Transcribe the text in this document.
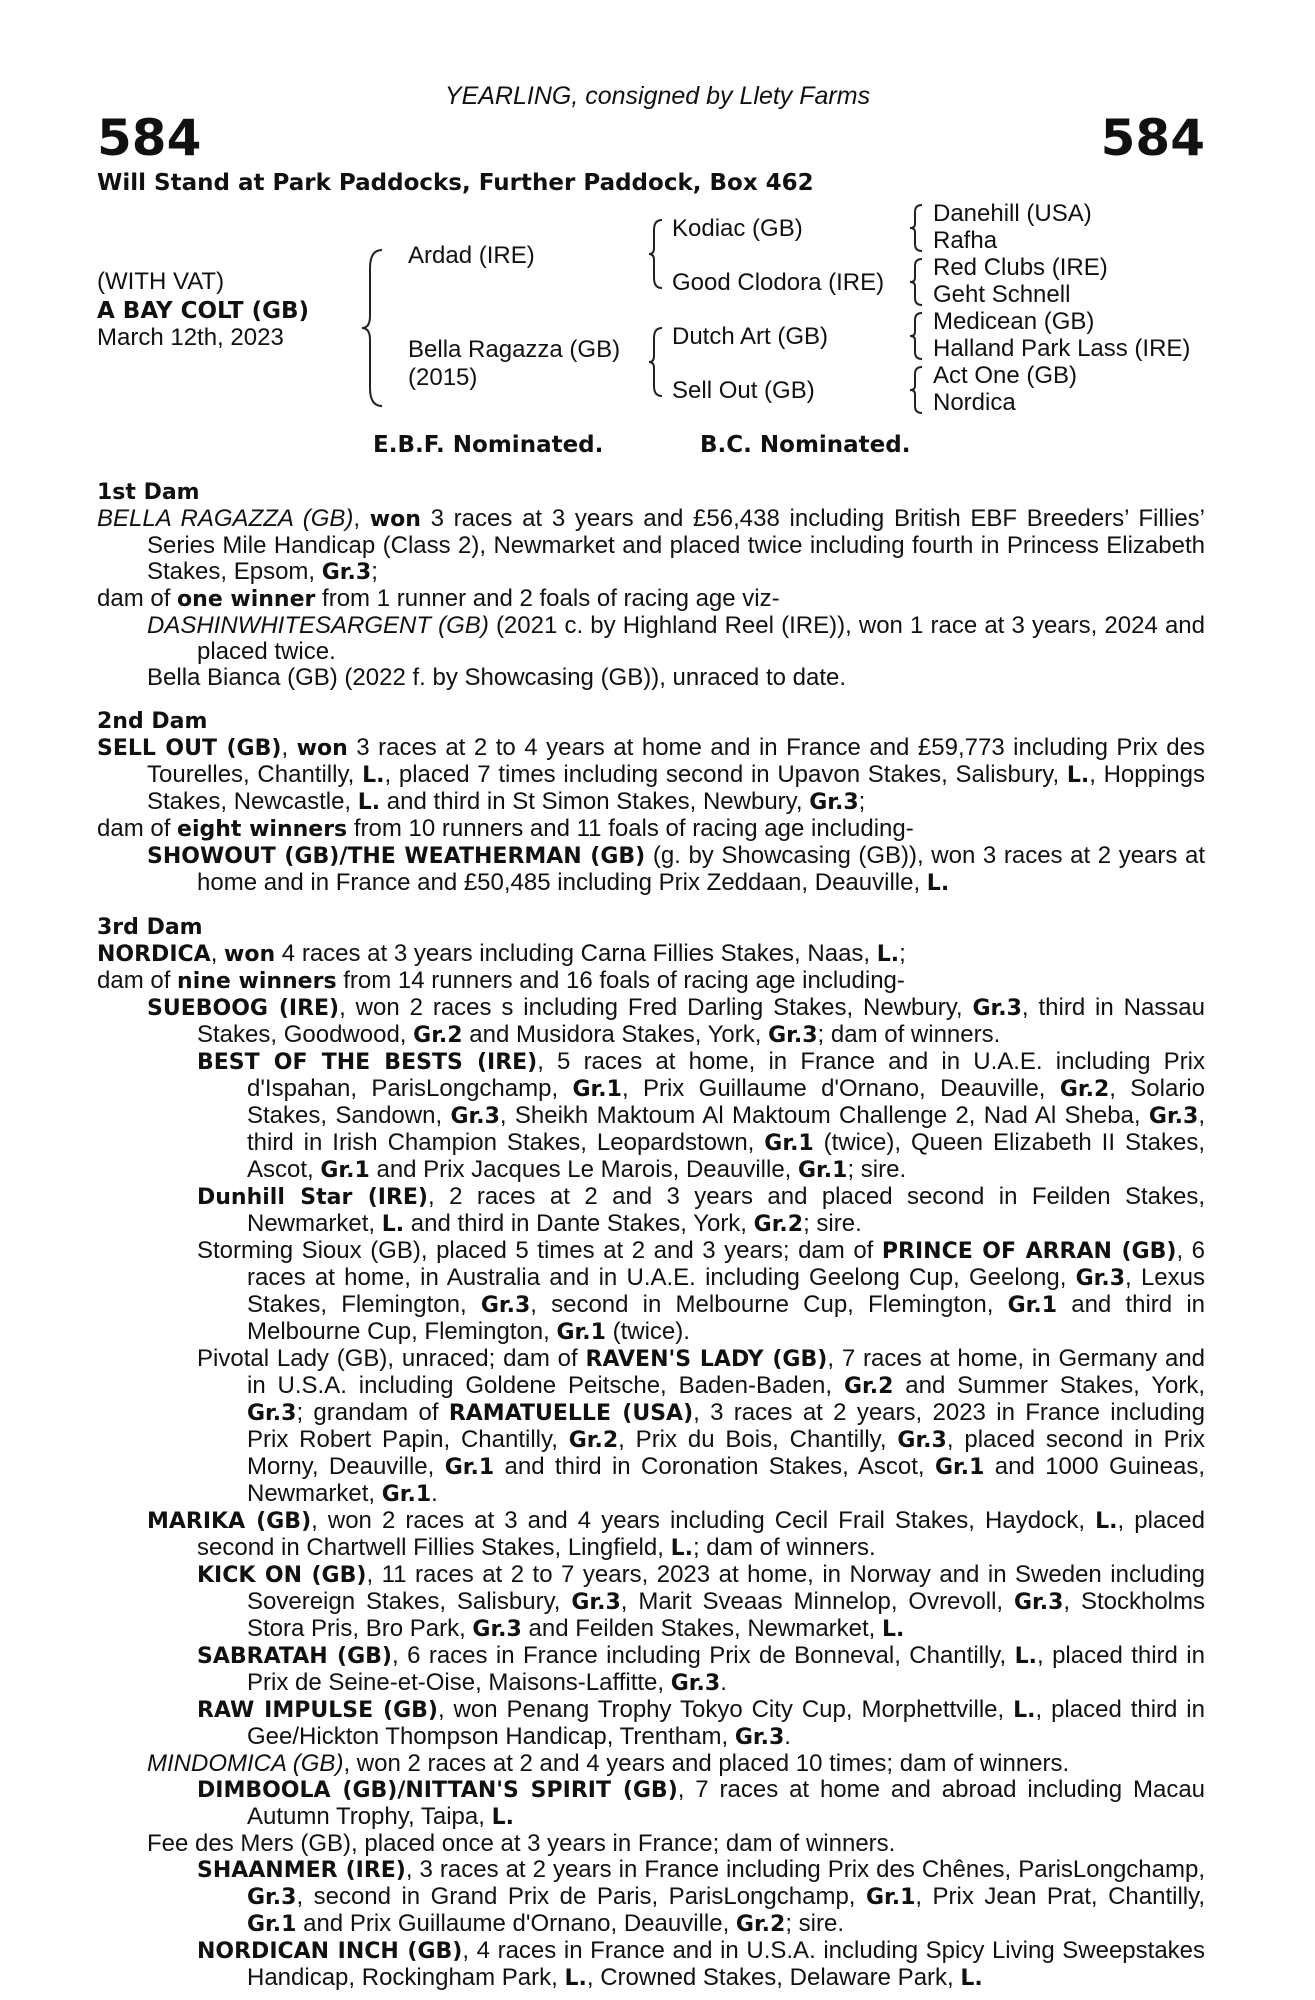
YEARLING, consigned by Llety Farms
584	584
Will Stand at Park Paddocks, Further Paddock, Box 462
(WITH VAT)
A BAY COLT (GB)
March 12th, 2023
Ardad (IRE)
Bella Ragazza (GB)
(2015)
Kodiac (GB)
Good Clodora (IRE)
Dutch Art (GB)
Sell Out (GB)
Danehill (USA)
Rafha
Red Clubs (IRE)
Geht Schnell
Medicean (GB)
Halland Park Lass (IRE)
Act One (GB)
Nordica
E.B.F. Nominated.	B.C. Nominated.
1st Dam

BELLA RAGAZZA (GB), won 3 races at 3 years and £56,438 including British EBF Breeders’ Fillies’ Series Mile Handicap (Class 2), Newmarket and placed twice including fourth in Princess Elizabeth Stakes, Epsom, Gr.3;

dam of one winner from 1 runner and 2 foals of racing age viz-

DASHINWHITESARGENT (GB) (2021 c. by Highland Reel (IRE)), won 1 race at 3 years, 2024 and placed twice.

Bella Bianca (GB) (2022 f. by Showcasing (GB)), unraced to date.

2nd Dam

SELL OUT (GB), won 3 races at 2 to 4 years at home and in France and £59,773 including Prix des Tourelles, Chantilly, L., placed 7 times including second in Upavon Stakes, Salisbury, L., Hoppings Stakes, Newcastle, L. and third in St Simon Stakes, Newbury, Gr.3;

dam of eight winners from 10 runners and 11 foals of racing age including-

SHOWOUT (GB)/THE WEATHERMAN (GB) (g. by Showcasing (GB)), won 3 races at 2 years at home and in France and £50,485 including Prix Zeddaan, Deauville, L.

3rd Dam

NORDICA, won 4 races at 3 years including Carna Fillies Stakes, Naas, L.;

dam of nine winners from 14 runners and 16 foals of racing age including-

SUEBOOG (IRE), won 2 races s including Fred Darling Stakes, Newbury, Gr.3, third in Nassau Stakes, Goodwood, Gr.2 and Musidora Stakes, York, Gr.3; dam of winners.

BEST OF THE BESTS (IRE), 5 races at home, in France and in U.A.E. including Prix d'Ispahan, ParisLongchamp, Gr.1, Prix Guillaume d'Ornano, Deauville, Gr.2, Solario Stakes, Sandown, Gr.3, Sheikh Maktoum Al Maktoum Challenge 2, Nad Al Sheba, Gr.3, third in Irish Champion Stakes, Leopardstown, Gr.1 (twice), Queen Elizabeth II Stakes, Ascot, Gr.1 and Prix Jacques Le Marois, Deauville, Gr.1; sire.

Dunhill Star (IRE), 2 races at 2 and 3 years and placed second in Feilden Stakes, Newmarket, L. and third in Dante Stakes, York, Gr.2; sire.

Storming Sioux (GB), placed 5 times at 2 and 3 years; dam of PRINCE OF ARRAN (GB), 6 races at home, in Australia and in U.A.E. including Geelong Cup, Geelong, Gr.3, Lexus Stakes, Flemington, Gr.3, second in Melbourne Cup, Flemington, Gr.1 and third in Melbourne Cup, Flemington, Gr.1 (twice).

Pivotal Lady (GB), unraced; dam of RAVEN'S LADY (GB), 7 races at home, in Germany and in U.S.A. including Goldene Peitsche, Baden-Baden, Gr.2 and Summer Stakes, York, Gr.3; grandam of RAMATUELLE (USA), 3 races at 2 years, 2023 in France including Prix Robert Papin, Chantilly, Gr.2, Prix du Bois, Chantilly, Gr.3, placed second in Prix Morny, Deauville, Gr.1 and third in Coronation Stakes, Ascot, Gr.1 and 1000 Guineas, Newmarket, Gr.1.

MARIKA (GB), won 2 races at 3 and 4 years including Cecil Frail Stakes, Haydock, L., placed second in Chartwell Fillies Stakes, Lingfield, L.; dam of winners.

KICK ON (GB), 11 races at 2 to 7 years, 2023 at home, in Norway and in Sweden including Sovereign Stakes, Salisbury, Gr.3, Marit Sveaas Minnelop, Ovrevoll, Gr.3, Stockholms Stora Pris, Bro Park, Gr.3 and Feilden Stakes, Newmarket, L.

SABRATAH (GB), 6 races in France including Prix de Bonneval, Chantilly, L., placed third in Prix de Seine-et-Oise, Maisons-Laffitte, Gr.3.

RAW IMPULSE (GB), won Penang Trophy Tokyo City Cup, Morphettville, L., placed third in Gee/Hickton Thompson Handicap, Trentham, Gr.3.

MINDOMICA (GB), won 2 races at 2 and 4 years and placed 10 times; dam of winners.

DIMBOOLA (GB)/NITTAN'S SPIRIT (GB), 7 races at home and abroad including Macau Autumn Trophy, Taipa, L.

Fee des Mers (GB), placed once at 3 years in France; dam of winners.

SHAANMER (IRE), 3 races at 2 years in France including Prix des Chênes, ParisLongchamp, Gr.3, second in Grand Prix de Paris, ParisLongchamp, Gr.1, Prix Jean Prat, Chantilly, Gr.1 and Prix Guillaume d'Ornano, Deauville, Gr.2; sire.

NORDICAN INCH (GB), 4 races in France and in U.S.A. including Spicy Living Sweepstakes Handicap, Rockingham Park, L., Crowned Stakes, Delaware Park, L.
